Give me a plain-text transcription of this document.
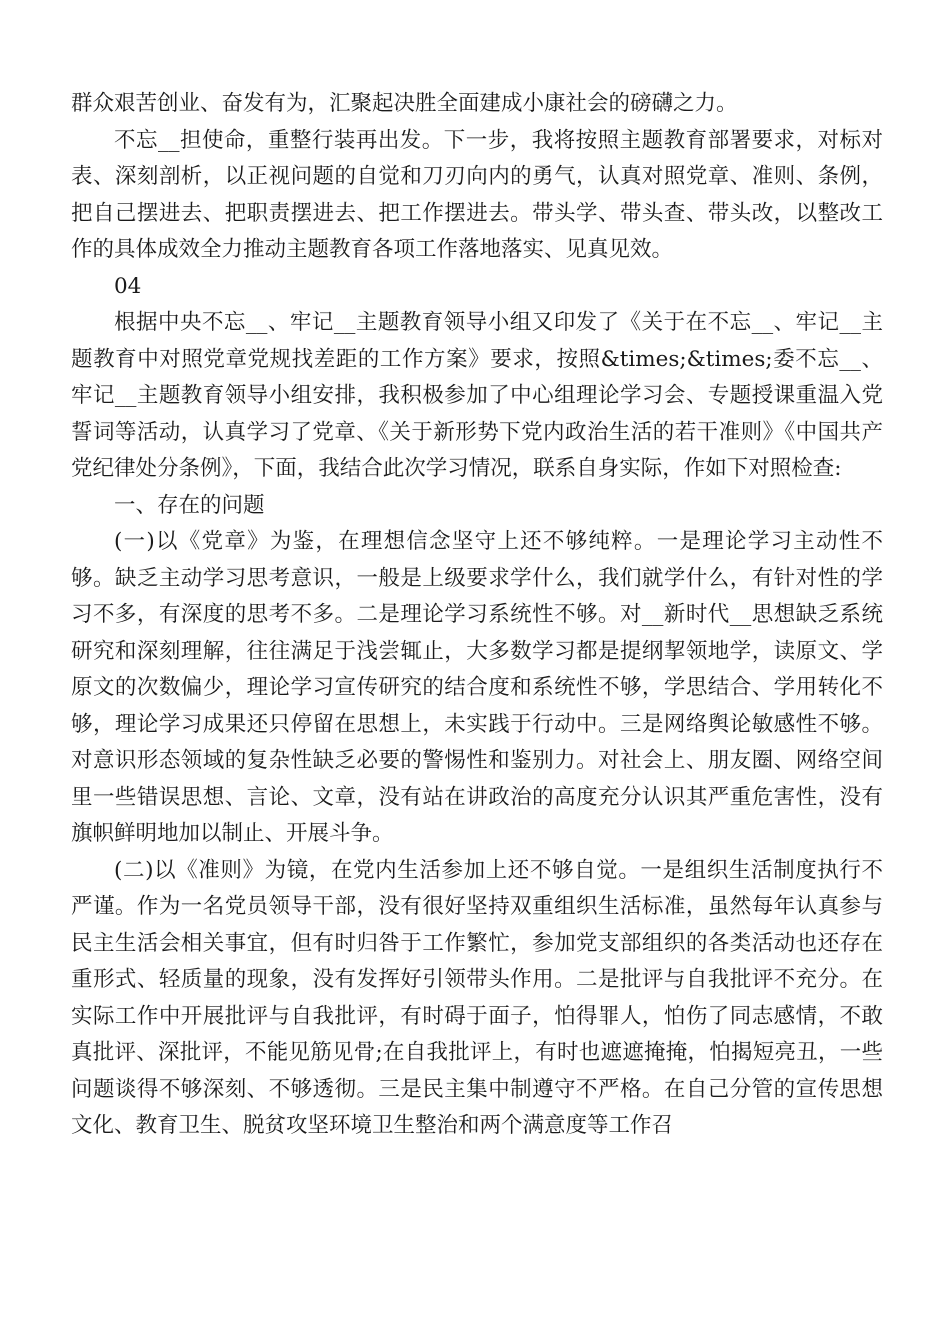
群众艰苦创业、奋发有为，汇聚起决胜全面建成小康社会的磅礴之力。

不忘__担使命，重整行装再出发。下一步，我将按照主题教育部署要求，对标对表、深刻剖析，以正视问题的自觉和刀刃向内的勇气，认真对照党章、准则、条例，把自己摆进去、把职责摆进去、把工作摆进去。带头学、带头查、带头改，以整改工作的具体成效全力推动主题教育各项工作落地落实、见真见效。

04

根据中央不忘__、牢记__主题教育领导小组又印发了《关于在不忘__、牢记__主题教育中对照党章党规找差距的工作方案》要求，按照&times;&times;委不忘__、牢记__主题教育领导小组安排，我积极参加了中心组理论学习会、专题授课重温入党誓词等活动，认真学习了党章、《关于新形势下党内政治生活的若干准则》《中国共产党纪律处分条例》，下面，我结合此次学习情况，联系自身实际，作如下对照检查:

一、存在的问题

(一)以《党章》为鉴，在理想信念坚守上还不够纯粹。一是理论学习主动性不够。缺乏主动学习思考意识，一般是上级要求学什么，我们就学什么，有针对性的学习不多，有深度的思考不多。二是理论学习系统性不够。对__新时代__思想缺乏系统研究和深刻理解，往往满足于浅尝辄止，大多数学习都是提纲挈领地学，读原文、学原文的次数偏少，理论学习宣传研究的结合度和系统性不够，学思结合、学用转化不够，理论学习成果还只停留在思想上，未实践于行动中。三是网络舆论敏感性不够。对意识形态领域的复杂性缺乏必要的警惕性和鉴别力。对社会上、朋友圈、网络空间里一些错误思想、言论、文章，没有站在讲政治的高度充分认识其严重危害性，没有旗帜鲜明地加以制止、开展斗争。

(二)以《准则》为镜，在党内生活参加上还不够自觉。一是组织生活制度执行不严谨。作为一名党员领导干部，没有很好坚持双重组织生活标准，虽然每年认真参与民主生活会相关事宜，但有时归咎于工作繁忙，参加党支部组织的各类活动也还存在重形式、轻质量的现象，没有发挥好引领带头作用。二是批评与自我批评不充分。在实际工作中开展批评与自我批评，有时碍于面子，怕得罪人，怕伤了同志感情，不敢真批评、深批评，不能见筋见骨;在自我批评上，有时也遮遮掩掩，怕揭短亮丑，一些问题谈得不够深刻、不够透彻。三是民主集中制遵守不严格。在自己分管的宣传思想文化、教育卫生、脱贫攻坚环境卫生整治和两个满意度等工作召
